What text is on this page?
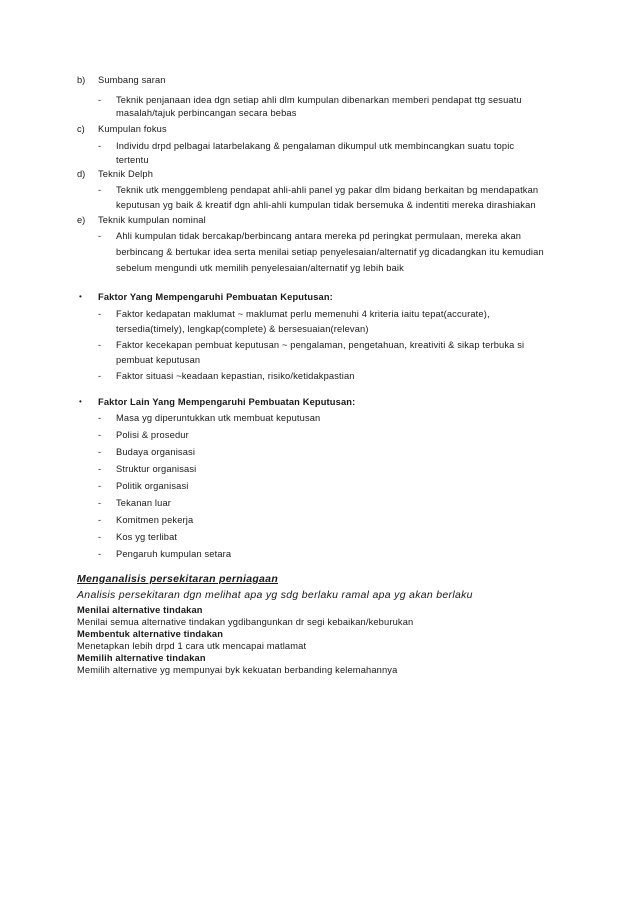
b) Sumbang saran
- Teknik penjanaan idea dgn setiap ahli dlm kumpulan dibenarkan memberi pendapat ttg sesuatu
masalah/tajuk perbincangan secara bebas
c) Kumpulan fokus
- Individu drpd pelbagai latarbelakang & pengalaman dikumpul utk membincangkan suatu topic
tertentu
d) Teknik Delph
- Teknik utk menggembleng pendapat ahli-ahli panel yg pakar dlm bidang berkaitan bg mendapatkan
keputusan yg baik & kreatif dgn ahli-ahli kumpulan tidak bersemuka & indentiti mereka dirashiakan
e) Teknik kumpulan nominal
- Ahli kumpulan tidak bercakap/berbincang antara mereka pd peringkat permulaan, mereka akan
berbincang & bertukar idea serta menilai setiap penyelesaian/alternatif yg dicadangkan itu kemudian
sebelum mengundi utk memilih penyelesaian/alternatif yg lebih baik
• Faktor Yang Mempengaruhi Pembuatan Keputusan:
- Faktor kedapatan maklumat ~ maklumat perlu memenuhi 4 kriteria iaitu tepat(accurate),
tersedia(timely), lengkap(complete) & bersesuaian(relevan)
- Faktor kecekapan pembuat keputusan ~ pengalaman, pengetahuan, kreativiti & sikap terbuka si
pembuat keputusan
- Faktor situasi ~keadaan kepastian, risiko/ketidakpastian
• Faktor Lain Yang Mempengaruhi Pembuatan Keputusan:
- Masa yg diperuntukkan utk membuat keputusan
- Polisi & prosedur
- Budaya organisasi
- Struktur organisasi
- Politik organisasi
- Tekanan luar
- Komitmen pekerja
- Kos yg terlibat
- Pengaruh kumpulan setara
Menganalisis persekitaran perniagaan
Analisis persekitaran dgn melihat apa yg sdg berlaku ramal apa yg akan berlaku
Menilai alternative tindakan
Menilai semua alternative tindakan ygdibangunkan dr segi kebaikan/keburukan
Membentuk alternative tindakan
Menetapkan lebih drpd 1 cara utk mencapai matlamat
Memilih alternative tindakan
Memilih alternative yg mempunyai byk kekuatan berbanding kelemahannya
